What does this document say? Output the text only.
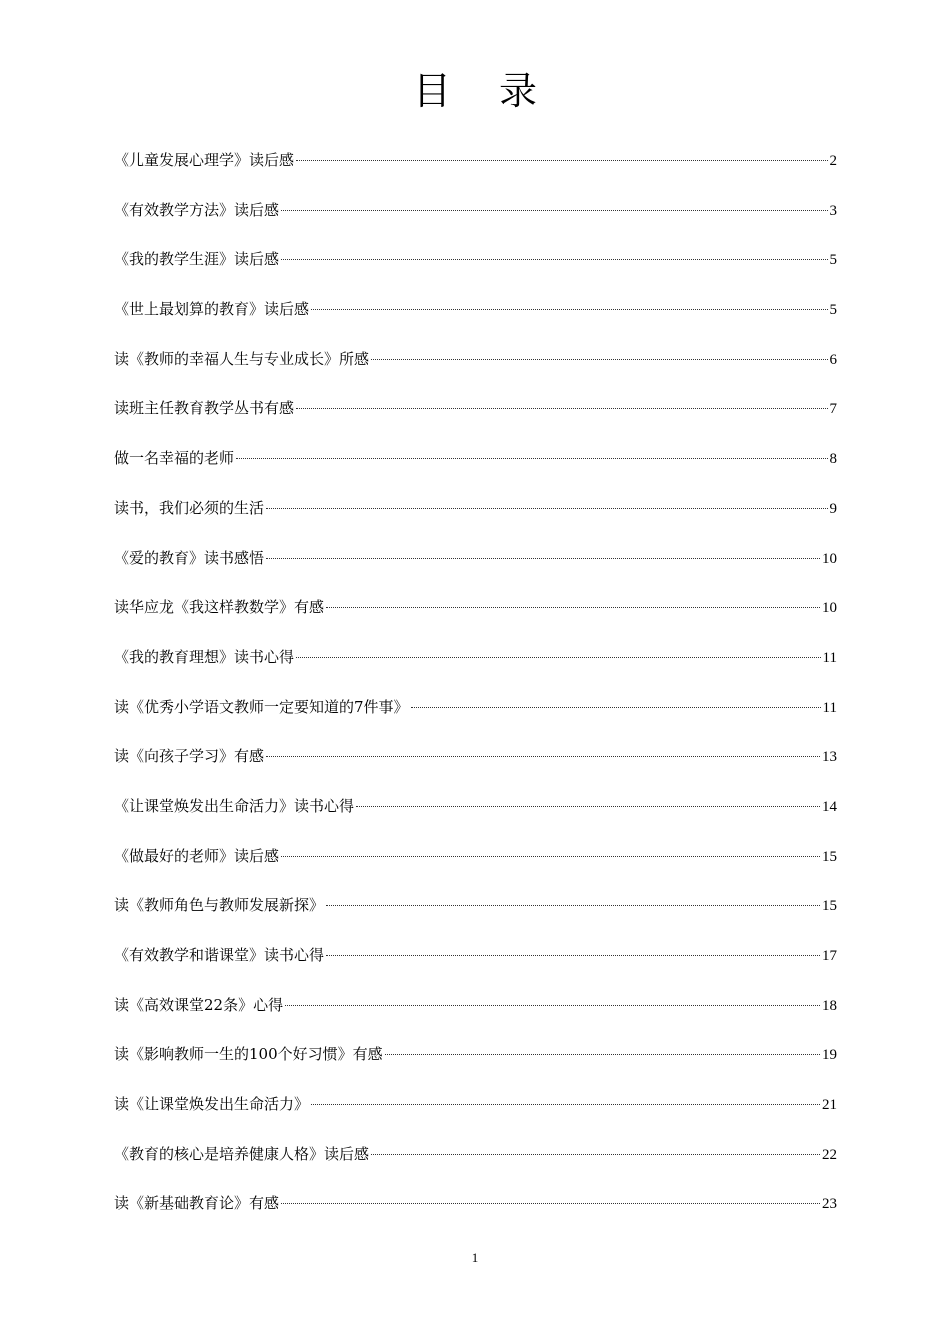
目录
《儿童发展心理学》读后感	2
《有效教学方法》读后感	3
《我的教学生涯》读后感	5
《世上最划算的教育》读后感	5
读《教师的幸福人生与专业成长》所感	6
读班主任教育教学丛书有感	7
做一名幸福的老师	8
读书，我们必须的生活	9
《爱的教育》读书感悟	10
读华应龙《我这样教数学》有感	10
《我的教育理想》读书心得	11
读《优秀小学语文教师一定要知道的7件事》	11
读《向孩子学习》有感	13
《让课堂焕发出生命活力》读书心得	14
《做最好的老师》读后感	15
读《教师角色与教师发展新探》	15
《有效教学和谐课堂》读书心得	17
读《高效课堂22条》心得	18
读《影响教师一生的100个好习惯》有感	19
读《让课堂焕发出生命活力》	21
《教育的核心是培养健康人格》读后感	22
读《新基础教育论》有感	23
1
